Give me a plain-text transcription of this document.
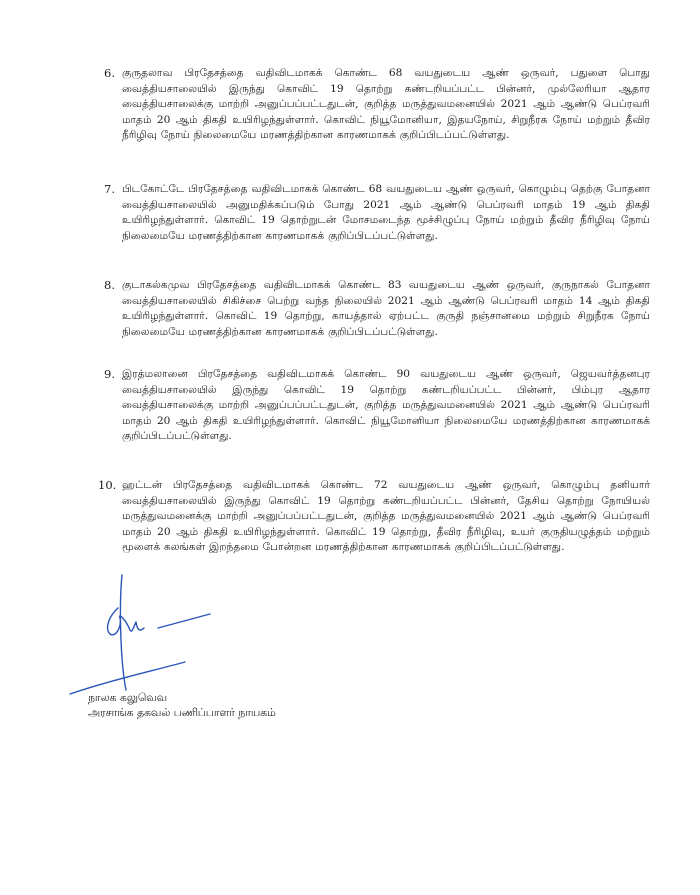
6. குருதலாவ பிரதேசத்தை வதிவிடமாகக் கொண்ட 68 வயதுடைய ஆண் ஒருவர், பதுளை பொது வைத்தியசாலையில் இருந்து கொவிட் 19 தொற்று கண்டறியப்பட்ட பின்னர், முல்லேரியா ஆதார வைத்தியசாலைக்கு மாற்றி அனுப்பப்பட்டதுடன், குறித்த மருத்துவமனையில் 2021 ஆம் ஆண்டு பெப்ரவரி மாதம் 20 ஆம் திகதி உயிரிழந்துள்ளார். கொவிட் நியூமோனியா, இதயநோய், சிறுநீரக நோய் மற்றும் தீவிர நீரிழிவு நோய் நிலைமையே மரணத்திற்கான காரணமாகக் குறிப்பிடப்பட்டுள்ளது.

7. பிடகோட்டே பிரதேசத்தை வதிவிடமாகக் கொண்ட 68 வயதுடைய ஆண் ஒருவர், கொழும்பு தெற்கு போதனா வைத்தியசாலையில் அனுமதிக்கப்படும் போது 2021 ஆம் ஆண்டு பெப்ரவரி மாதம் 19 ஆம் திகதி உயிரிழந்துள்ளார். கொவிட் 19 தொற்றுடன் மோசமடைந்த மூச்சிழுப்பு நோய் மற்றும் தீவிர நீரிழிவு நோய் நிலைமையே மரணத்திற்கான காரணமாகக் குறிப்பிடப்பட்டுள்ளது.

8. குடாகல்கமுவ பிரதேசத்தை வதிவிடமாகக் கொண்ட 83 வயதுடைய ஆண் ஒருவர், குருநாகல் போதனா வைத்தியசாலையில் சிகிச்சை பெற்று வந்த நிலையில் 2021 ஆம் ஆண்டு பெப்ரவரி மாதம் 14 ஆம் திகதி உயிரிழந்துள்ளார். கொவிட் 19 தொற்று, காயத்தால் ஏற்பட்ட குருதி நஞ்சானமை மற்றும் சிறுநீரக நோய் நிலைமையே மரணத்திற்கான காரணமாகக் குறிப்பிடப்பட்டுள்ளது.

9. இரத்மலானை பிரதேசத்தை வதிவிடமாகக் கொண்ட 90 வயதுடைய ஆண் ஒருவர், ஜெயவர்த்தனபுர வைத்தியசாலையில் இருந்து கொவிட் 19 தொற்று கண்டறியப்பட்ட பின்னர், பிம்புர ஆதார வைத்தியசாலைக்கு மாற்றி அனுப்பப்பட்டதுடன், குறித்த மருத்துவமனையில் 2021 ஆம் ஆண்டு பெப்ரவரி மாதம் 20 ஆம் திகதி உயிரிழந்துள்ளார். கொவிட் நியூமோனியா நிலைமையே மரணத்திற்கான காரணமாகக் குறிப்பிடப்பட்டுள்ளது.

10. ஹட்டன் பிரதேசத்தை வதிவிடமாகக் கொண்ட 72 வயதுடைய ஆண் ஒருவர், கொழும்பு தனியார் வைத்தியசாலையில் இருந்து கொவிட் 19 தொற்று கண்டறியப்பட்ட பின்னர், தேசிய தொற்று நோயியல் மருத்துவமனைக்கு மாற்றி அனுப்பப்பட்டதுடன், குறித்த மருத்துவமனையில் 2021 ஆம் ஆண்டு பெப்ரவரி மாதம் 20 ஆம் திகதி உயிரிழந்துள்ளார். கொவிட் 19 தொற்று, தீவிர நீரிழிவு, உயர் குருதியழுத்தம் மற்றும் மூளைக் கலங்கள் இறந்தமை போன்றன மரணத்திற்கான காரணமாகக் குறிப்பிடப்பட்டுள்ளது.

நாலக கலுவெவ
அரசாங்க தகவல் பணிப்பாளர் நாயகம்
